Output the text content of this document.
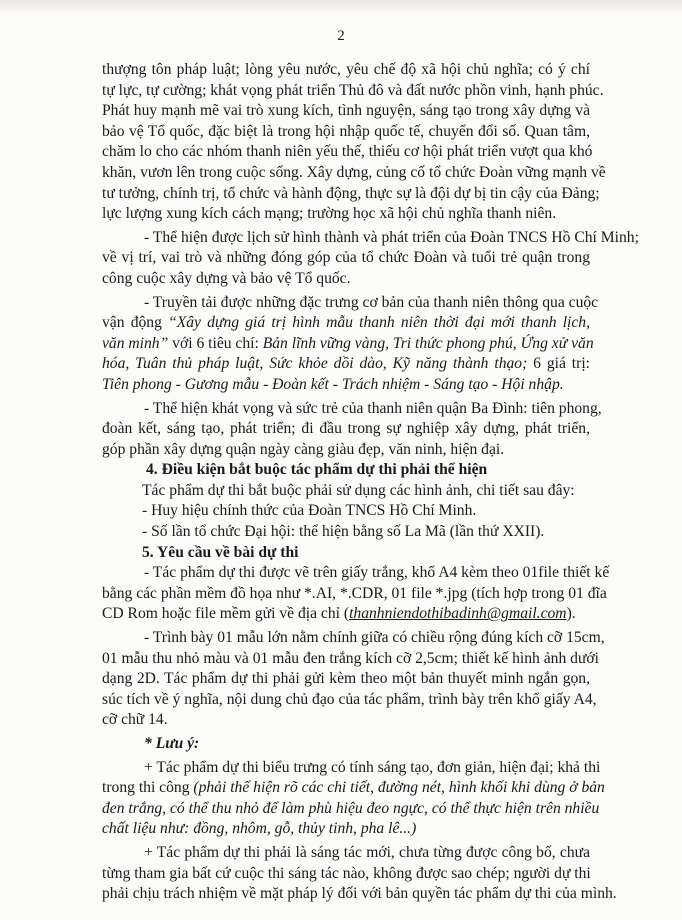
2
thượng tôn pháp luật; lòng yêu nước, yêu chế độ xã hội chủ nghĩa; có ý chí
tự lực, tự cường; khát vọng phát triển Thủ đô và đất nước phồn vinh, hạnh phúc.
Phát huy mạnh mẽ vai trò xung kích, tình nguyện, sáng tạo trong xây dựng và
bảo vệ Tổ quốc, đặc biệt là trong hội nhập quốc tế, chuyển đổi số. Quan tâm,
chăm lo cho các nhóm thanh niên yếu thế, thiếu cơ hội phát triển vượt qua khó
khăn, vươn lên trong cuộc sống. Xây dựng, củng cố tổ chức Đoàn vững mạnh về
tư tưởng, chính trị, tổ chức và hành động, thực sự là đội dự bị tin cậy của Đảng;
lực lượng xung kích cách mạng; trường học xã hội chủ nghĩa thanh niên.
- Thể hiện được lịch sử hình thành và phát triển của Đoàn TNCS Hồ Chí Minh;
về vị trí, vai trò và những đóng góp của tổ chức Đoàn và tuổi trẻ quận trong
công cuộc xây dựng và bảo vệ Tổ quốc.
- Truyền tải được những đặc trưng cơ bản của thanh niên thông qua cuộc
vận động “Xây dựng giá trị hình mẫu thanh niên thời đại mới thanh lịch,
văn minh” với 6 tiêu chí: Bản lĩnh vững vàng, Tri thức phong phú, Ứng xử văn
hóa, Tuân thủ pháp luật, Sức khỏe dồi dào, Kỹ năng thành thạo; 6 giá trị:
Tiên phong - Gương mẫu - Đoàn kết - Trách nhiệm - Sáng tạo - Hội nhập.
- Thể hiện khát vọng và sức trẻ của thanh niên quận Ba Đình: tiên phong,
đoàn kết, sáng tạo, phát triển; đi đầu trong sự nghiệp xây dựng, phát triển,
góp phần xây dựng quận ngày càng giàu đẹp, văn ninh, hiện đại.
4. Điều kiện bắt buộc tác phẩm dự thi phải thể hiện
Tác phẩm dự thi bắt buộc phải sử dụng các hình ảnh, chi tiết sau đây:
- Huy hiệu chính thức của Đoàn TNCS Hồ Chí Minh.
- Số lần tổ chức Đại hội: thể hiện bằng số La Mã (lần thứ XXII).
5. Yêu cầu về bài dự thi
- Tác phẩm dự thi được vẽ trên giấy trắng, khổ A4 kèm theo 01file thiết kế
bằng các phần mềm đồ họa như *.AI, *.CDR, 01 file *.jpg (tích hợp trong 01 đĩa
CD Rom hoặc file mềm gửi về địa chỉ (thanhniendothibadinh@gmail.com).
- Trình bày 01 mẫu lớn nằm chính giữa có chiều rộng đúng kích cỡ 15cm,
01 mẫu thu nhỏ màu và 01 mẫu đen trắng kích cỡ 2,5cm; thiết kế hình ảnh dưới
dạng 2D. Tác phẩm dự thi phải gửi kèm theo một bản thuyết minh ngắn gọn,
súc tích về ý nghĩa, nội dung chủ đạo của tác phẩm, trình bày trên khổ giấy A4,
cỡ chữ 14.
* Lưu ý:
+ Tác phẩm dự thi biểu trưng có tính sáng tạo, đơn giản, hiện đại; khả thi
trong thi công (phải thể hiện rõ các chi tiết, đường nét, hình khối khi dùng ở bản
đen trắng, có thể thu nhỏ để làm phù hiệu đeo ngực, có thể thực hiện trên nhiều
chất liệu như: đồng, nhôm, gỗ, thủy tinh, pha lê...)
+ Tác phẩm dự thi phải là sáng tác mới, chưa từng được công bố, chưa
từng tham gia bất cứ cuộc thi sáng tác nào, không được sao chép; người dự thi
phải chịu trách nhiệm về mặt pháp lý đối với bản quyền tác phẩm dự thi của mình.
